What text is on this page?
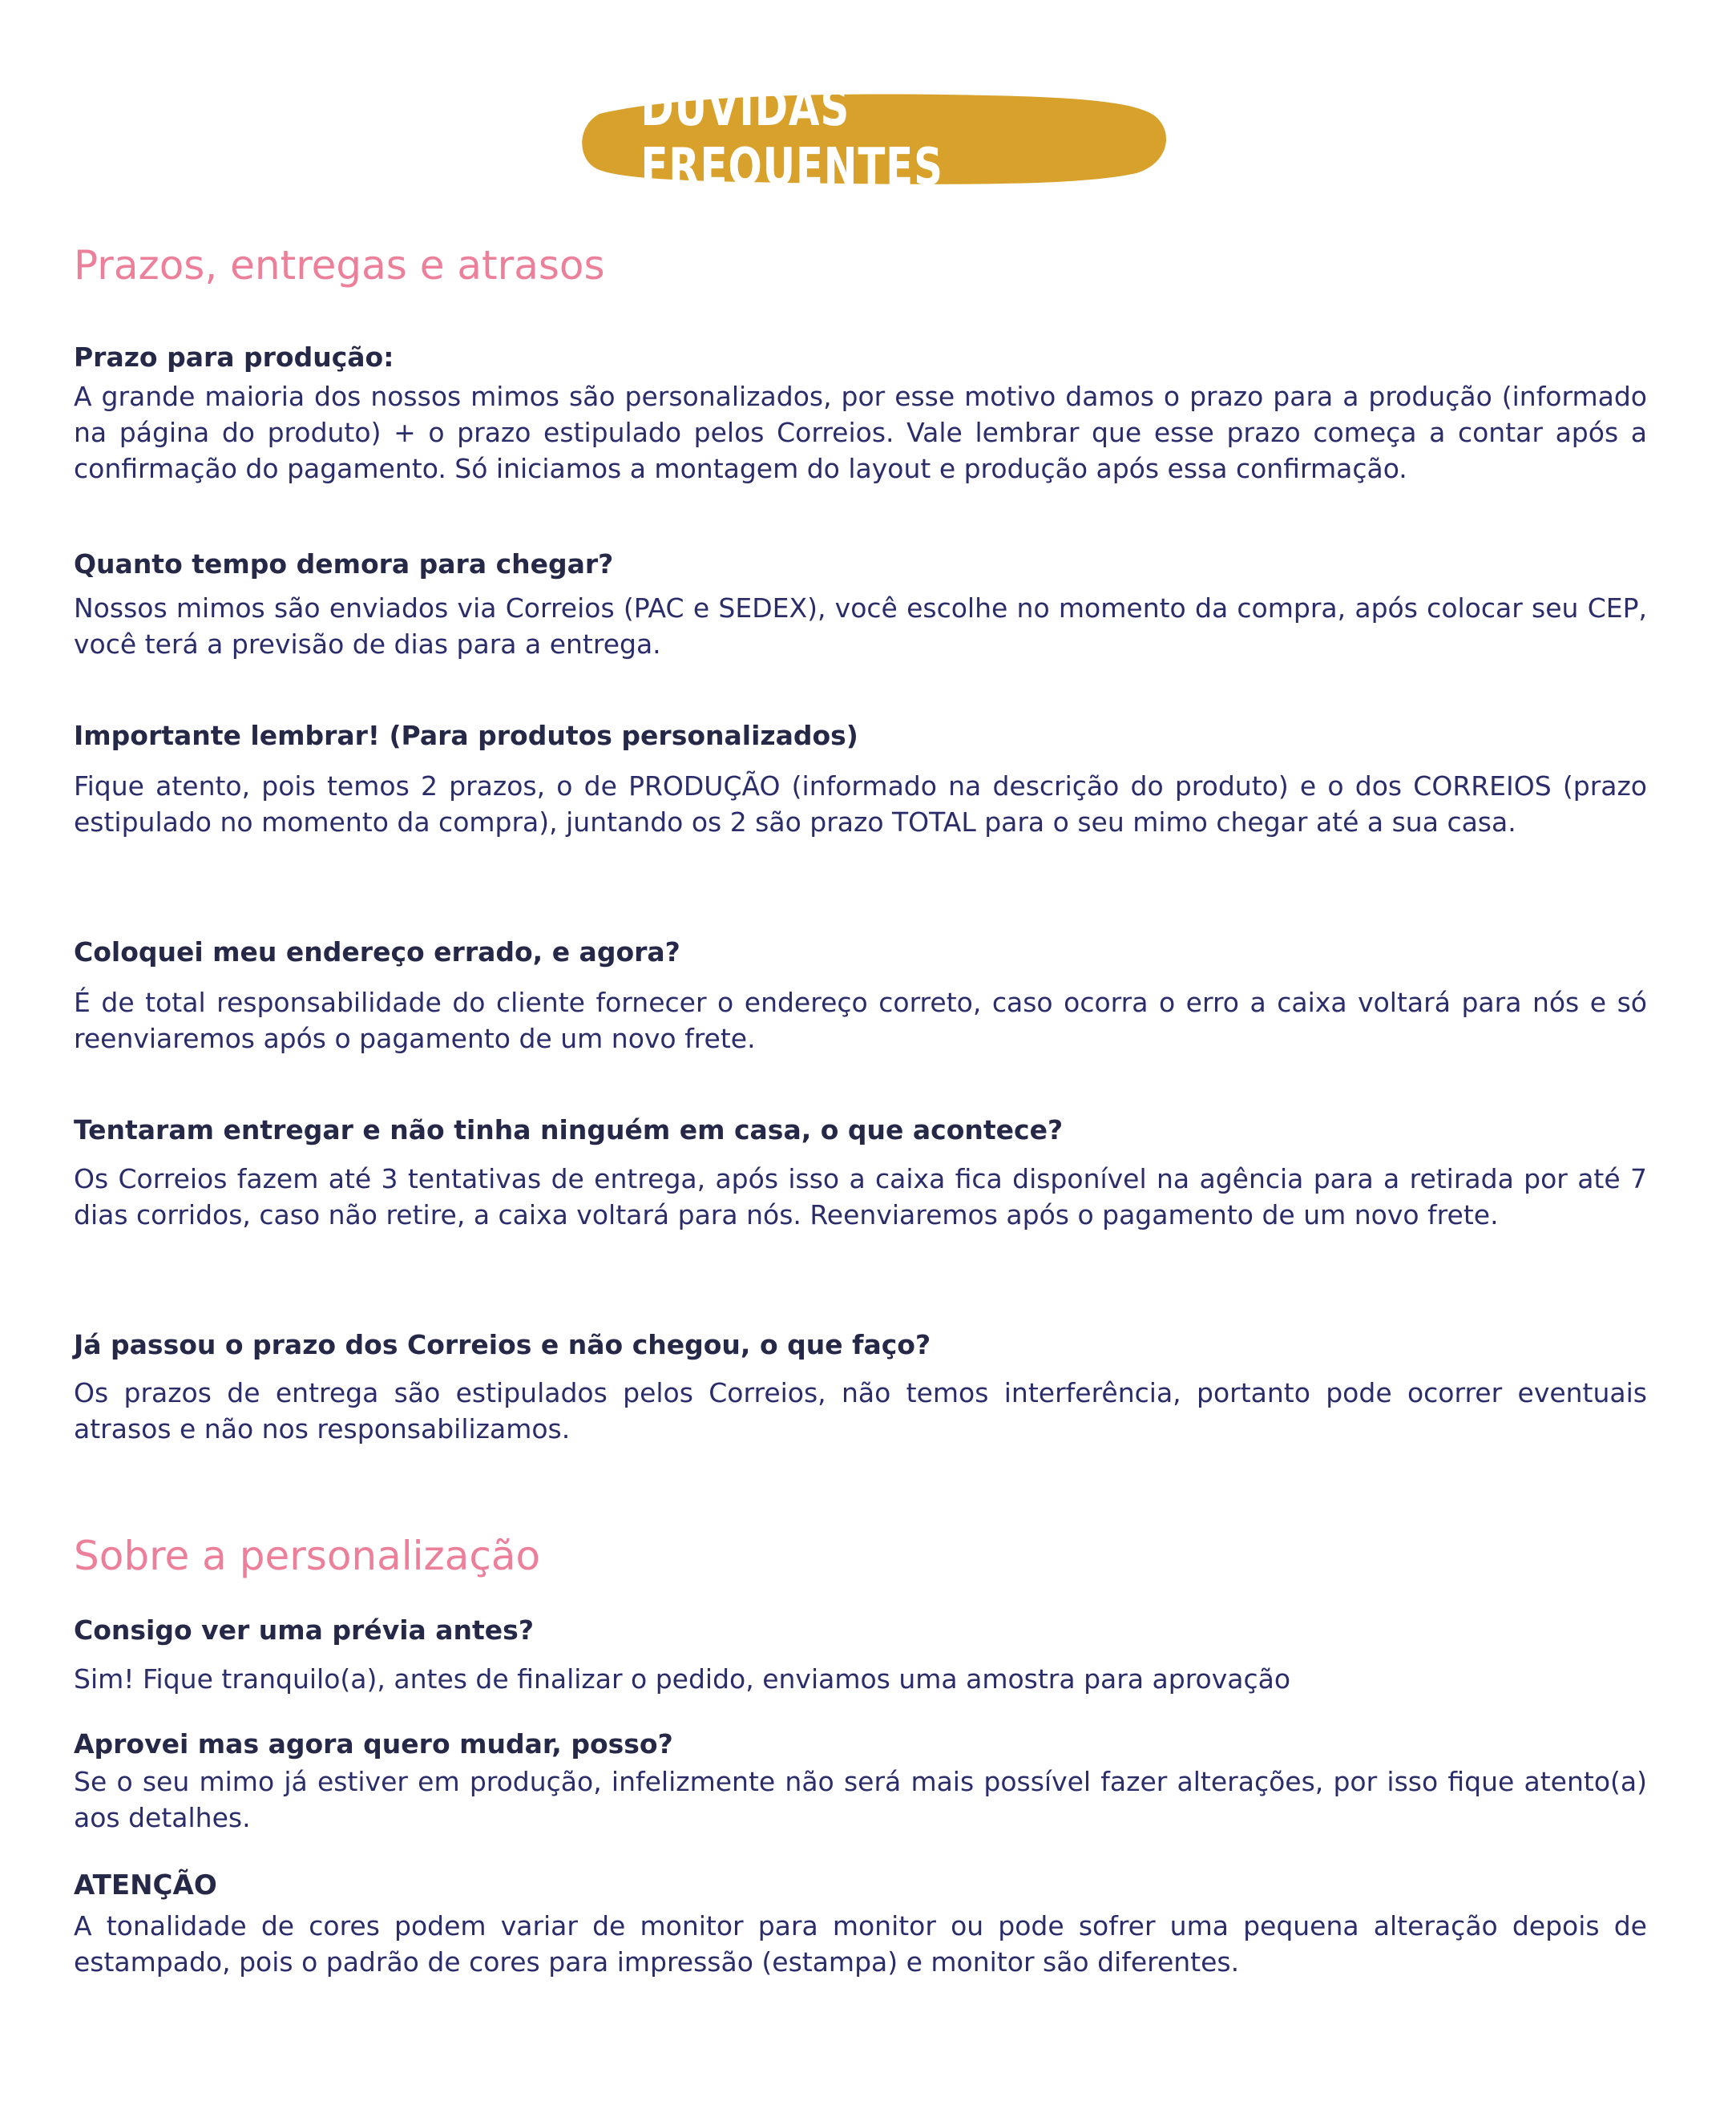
DÚVIDAS FREQUENTES
Prazos, entregas e atrasos

Prazo para produção:

A grande maioria dos nossos mimos são personalizados, por esse motivo damos o prazo para a produção (informado na página do produto) + o prazo estipulado pelos Correios. Vale lembrar que esse prazo começa a contar após a confirmação do pagamento. Só iniciamos a montagem do layout e produção após essa confirmação.

Quanto tempo demora para chegar?

Nossos mimos são enviados via Correios (PAC e SEDEX), você escolhe no momento da compra, após colocar seu CEP, você terá a previsão de dias para a entrega.

Importante lembrar! (Para produtos personalizados)

Fique atento, pois temos 2 prazos, o de PRODUÇÃO (informado na descrição do produto) e o dos CORREIOS (prazo estipulado no momento da compra), juntando os 2 são prazo TOTAL para o seu mimo chegar até a sua casa.

Coloquei meu endereço errado, e agora?

É de total responsabilidade do cliente fornecer o endereço correto, caso ocorra o erro a caixa voltará para nós e só reenviaremos após o pagamento de um novo frete.

Tentaram entregar e não tinha ninguém em casa, o que acontece?

Os Correios fazem até 3 tentativas de entrega, após isso a caixa fica disponível na agência para a retirada por até 7 dias corridos, caso não retire, a caixa voltará para nós. Reenviaremos após o pagamento de um novo frete.

Já passou o prazo dos Correios e não chegou, o que faço?

Os prazos de entrega são estipulados pelos Correios, não temos interferência, portanto pode ocorrer eventuais atrasos e não nos responsabilizamos.

Sobre a personalização

Consigo ver uma prévia antes?

Sim! Fique tranquilo(a), antes de finalizar o pedido, enviamos uma amostra para aprovação

Aprovei mas agora quero mudar, posso?

Se o seu mimo já estiver em produção, infelizmente não será mais possível fazer alterações, por isso fique atento(a) aos detalhes.

ATENÇÃO

A tonalidade de cores podem variar de monitor para monitor ou pode sofrer uma pequena alteração depois de estampado, pois o padrão de cores para impressão (estampa) e monitor são diferentes.
